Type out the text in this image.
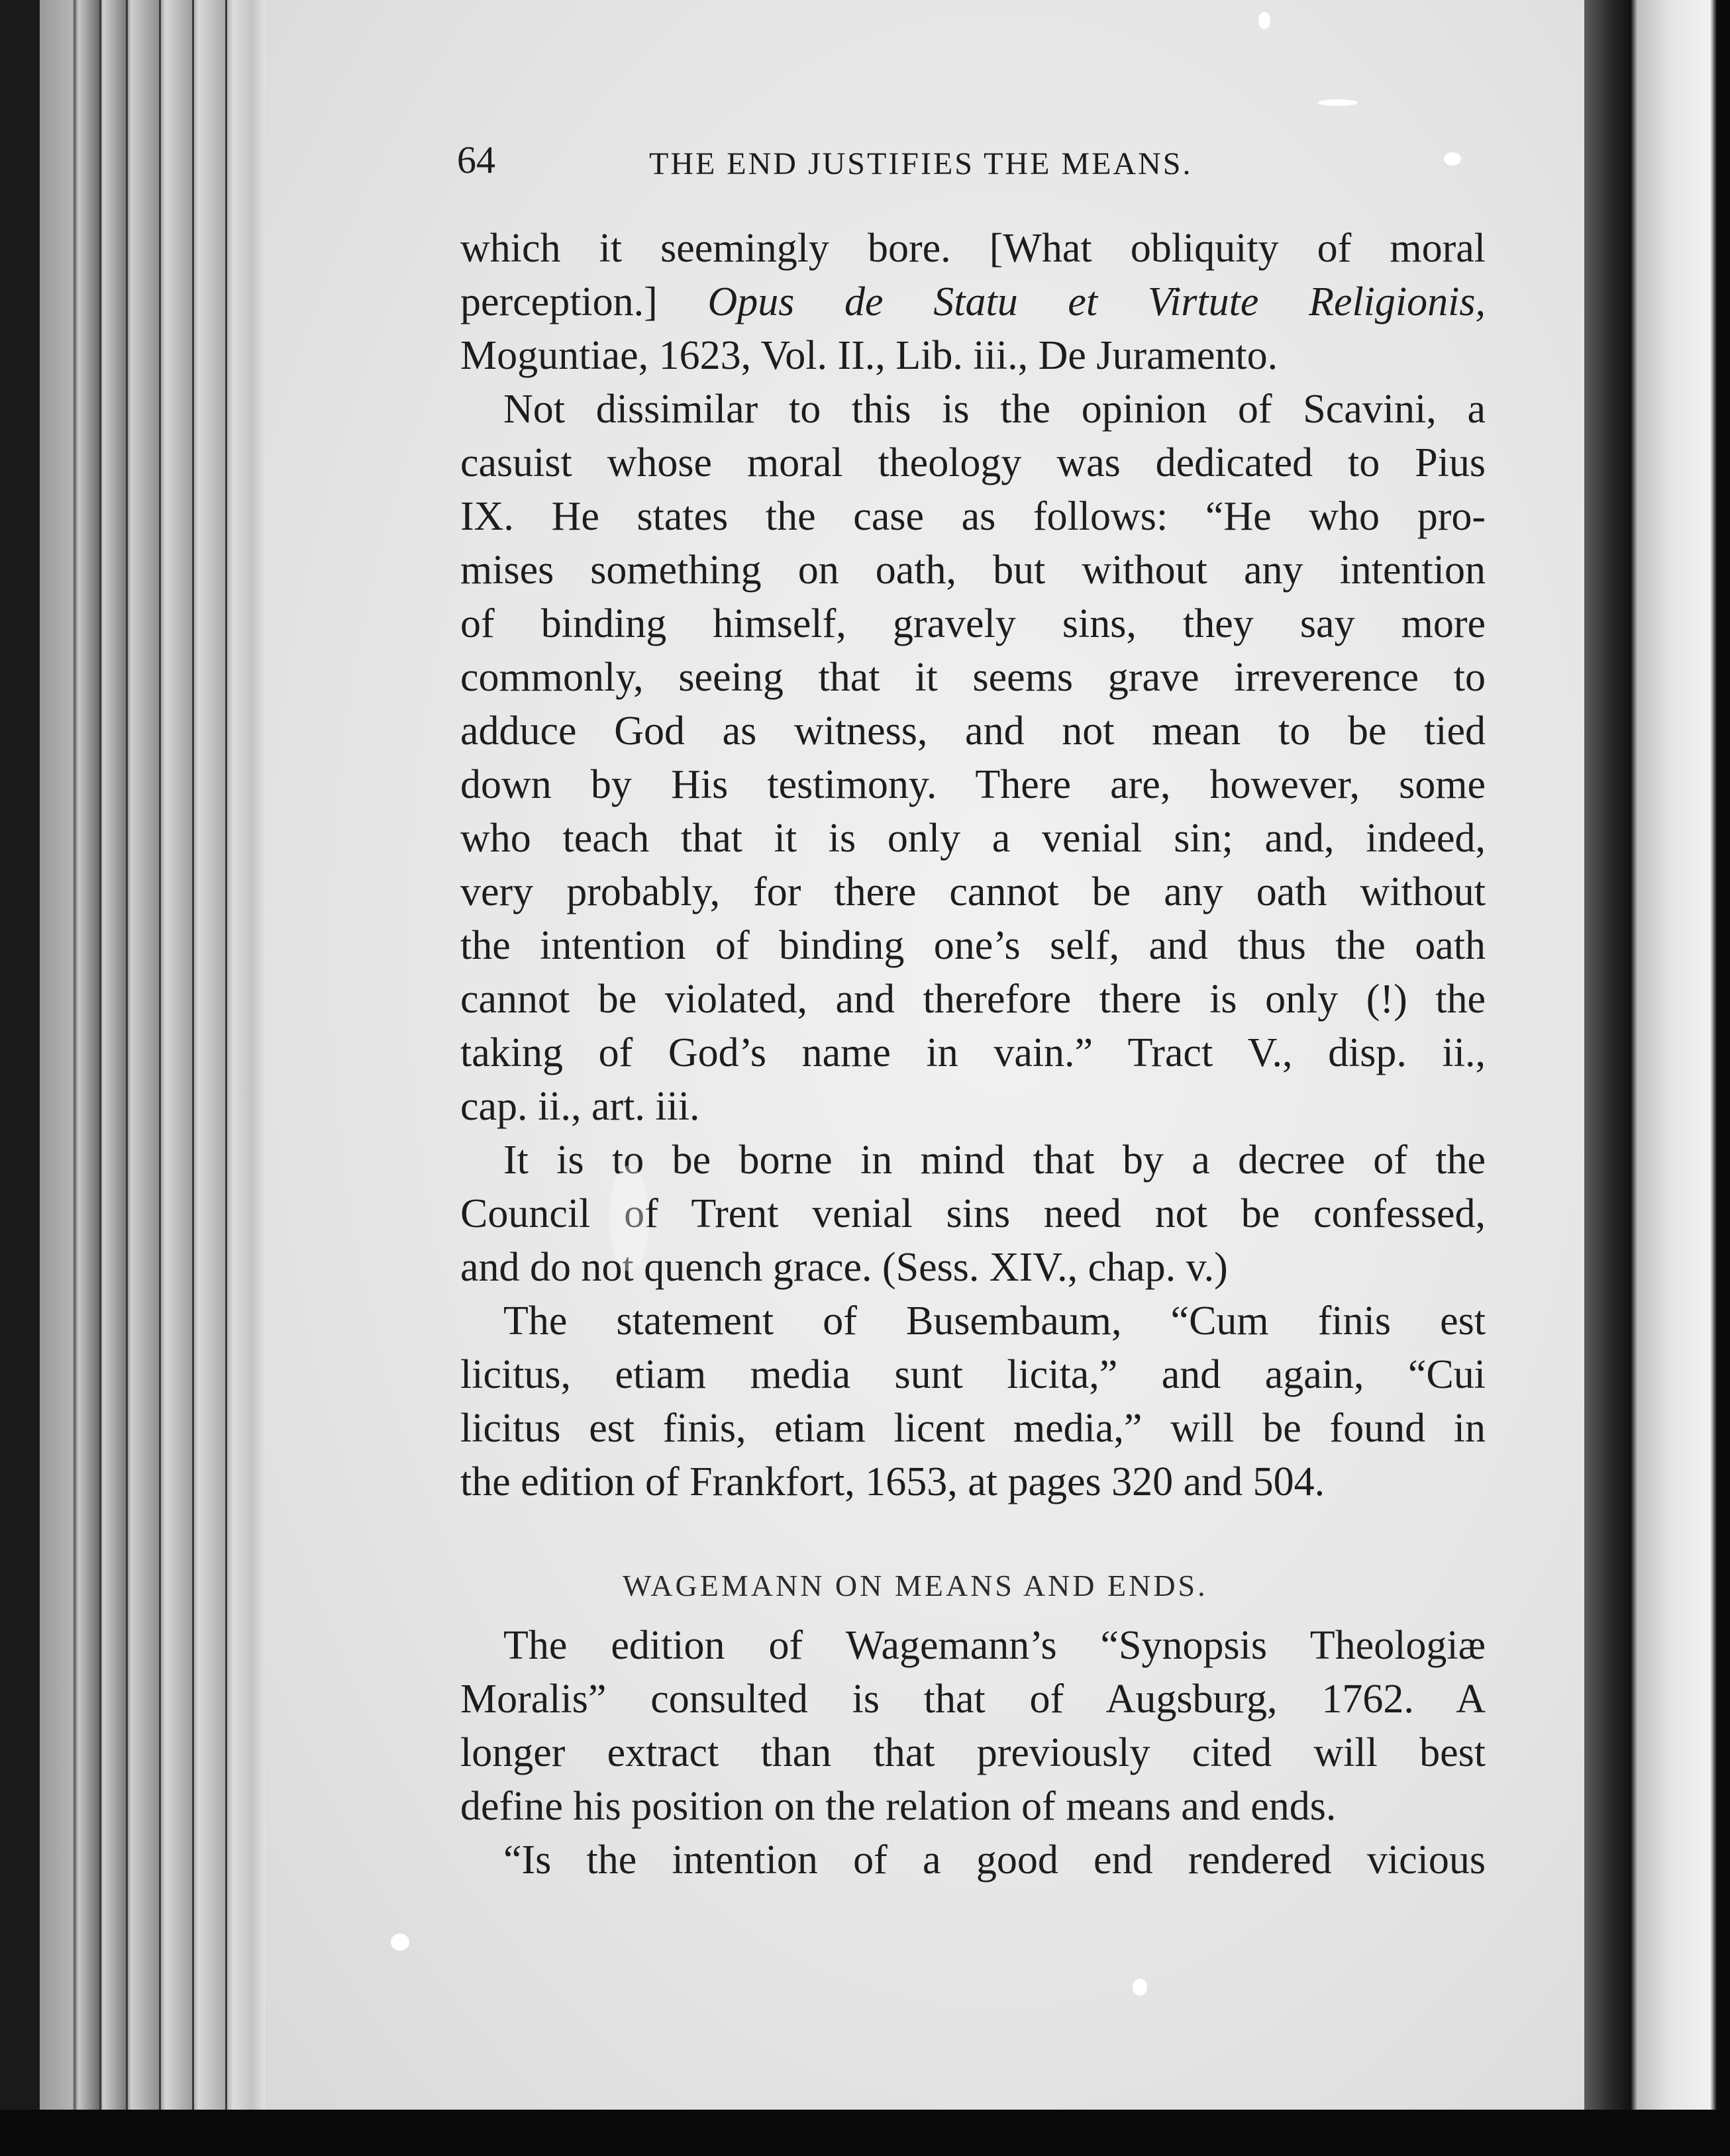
64	THE END JUSTIFIES THE MEANS.
which it seemingly bore. [What obliquity of moral
perception.] Opus de Statu et Virtute Religionis,
Moguntiae, 1623, Vol. II., Lib. iii., De Juramento.
Not dissimilar to this is the opinion of Scavini, a
casuist whose moral theology was dedicated to Pius
IX. He states the case as follows: “He who pro-
mises something on oath, but without any intention
of binding himself, gravely sins, they say more
commonly, seeing that it seems grave irreverence to
adduce God as witness, and not mean to be tied
down by His testimony. There are, however, some
who teach that it is only a venial sin; and, indeed,
very probably, for there cannot be any oath without
the intention of binding one’s self, and thus the oath
cannot be violated, and therefore there is only (!) the
taking of God’s name in vain.” Tract V., disp. ii.,
cap. ii., art. iii.
It is to be borne in mind that by a decree of the
Council of Trent venial sins need not be confessed,
and do not quench grace. (Sess. XIV., chap. v.)
The statement of Busembaum, “Cum finis est
licitus, etiam media sunt licita,” and again, “Cui
licitus est finis, etiam licent media,” will be found in
the edition of Frankfort, 1653, at pages 320 and 504.
WAGEMANN ON MEANS AND ENDS.
The edition of Wagemann’s “Synopsis Theologiæ
Moralis” consulted is that of Augsburg, 1762. A
longer extract than that previously cited will best
define his position on the relation of means and ends.
“Is the intention of a good end rendered vicious
